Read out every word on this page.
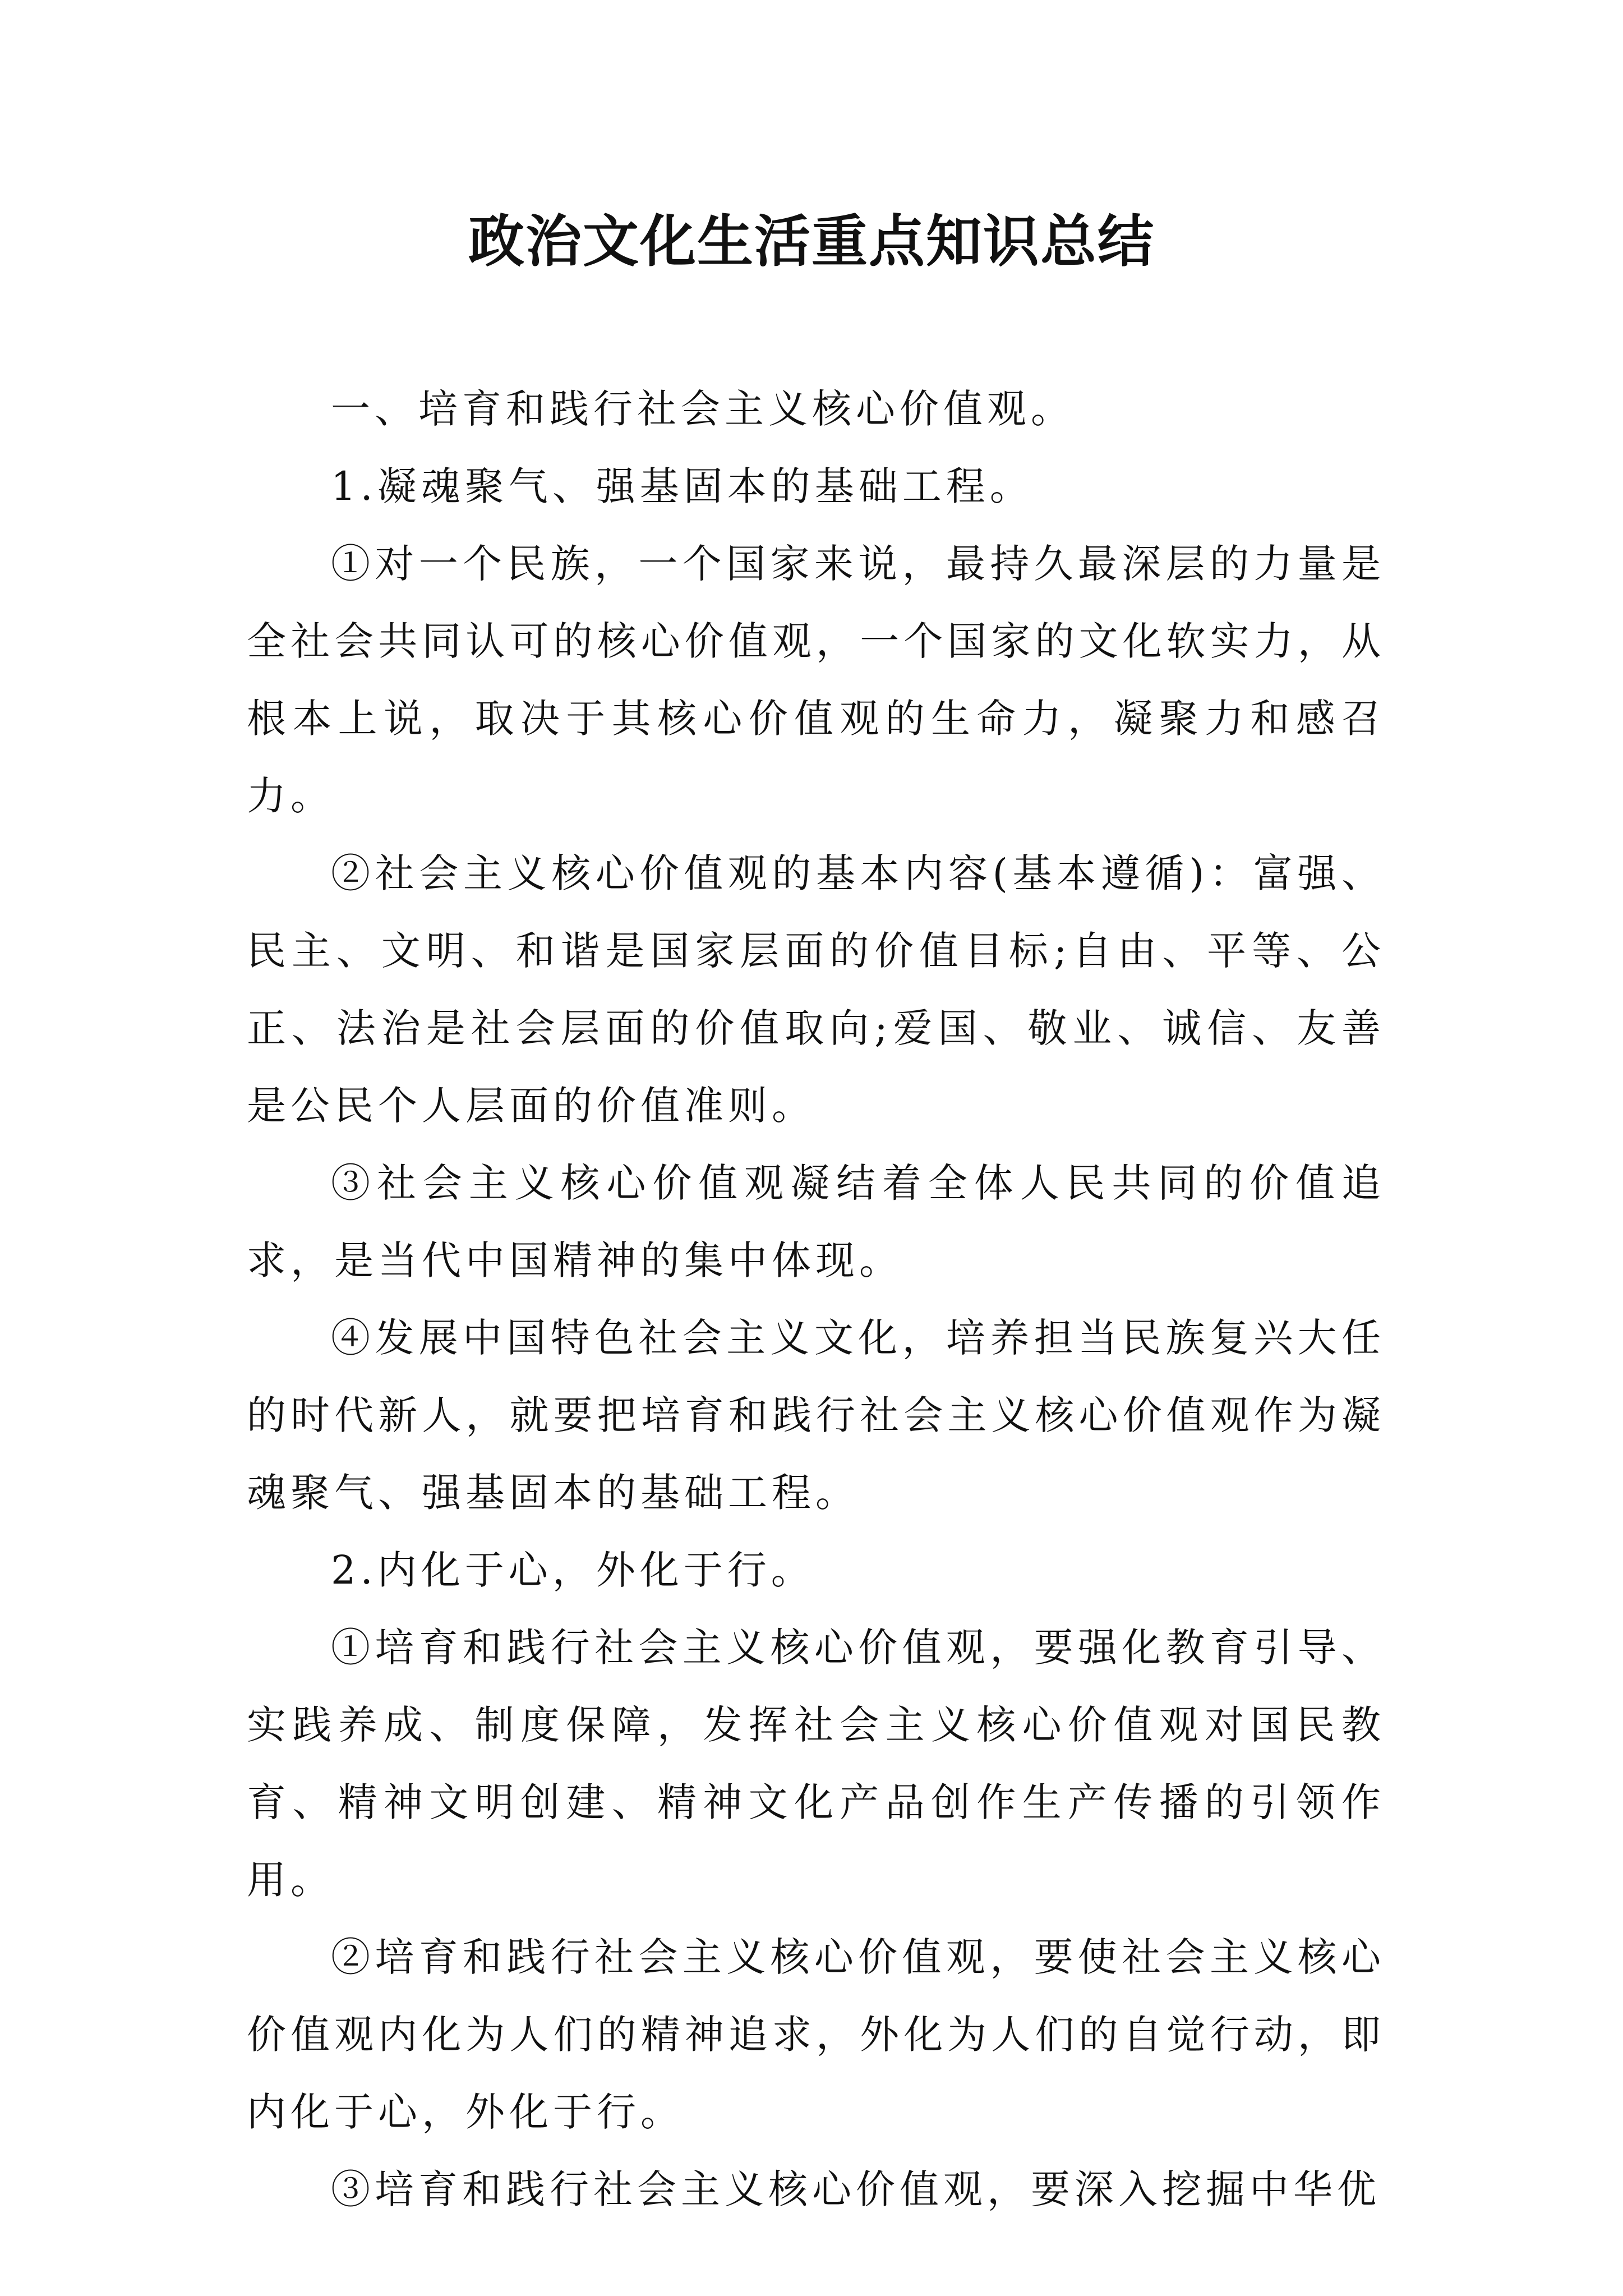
政治文化生活重点知识总结

一、培育和践行社会主义核心价值观。

1.凝魂聚气、强基固本的基础工程。

①对一个民族，一个国家来说，最持久最深层的力量是全社会共同认可的核心价值观，一个国家的文化软实力，从根本上说，取决于其核心价值观的生命力，凝聚力和感召力。

②社会主义核心价值观的基本内容(基本遵循)：富强、民主、文明、和谐是国家层面的价值目标;自由、平等、公正、法治是社会层面的价值取向;爱国、敬业、诚信、友善是公民个人层面的价值准则。

③社会主义核心价值观凝结着全体人民共同的价值追求，是当代中国精神的集中体现。

④发展中国特色社会主义文化，培养担当民族复兴大任的时代新人，就要把培育和践行社会主义核心价值观作为凝魂聚气、强基固本的基础工程。

2.内化于心，外化于行。

①培育和践行社会主义核心价值观，要强化教育引导、实践养成、制度保障，发挥社会主义核心价值观对国民教育、精神文明创建、精神文化产品创作生产传播的引领作用。

②培育和践行社会主义核心价值观，要使社会主义核心价值观内化为人们的精神追求，外化为人们的自觉行动，即内化于心，外化于行。

③培育和践行社会主义核心价值观，要深入挖掘中华优
